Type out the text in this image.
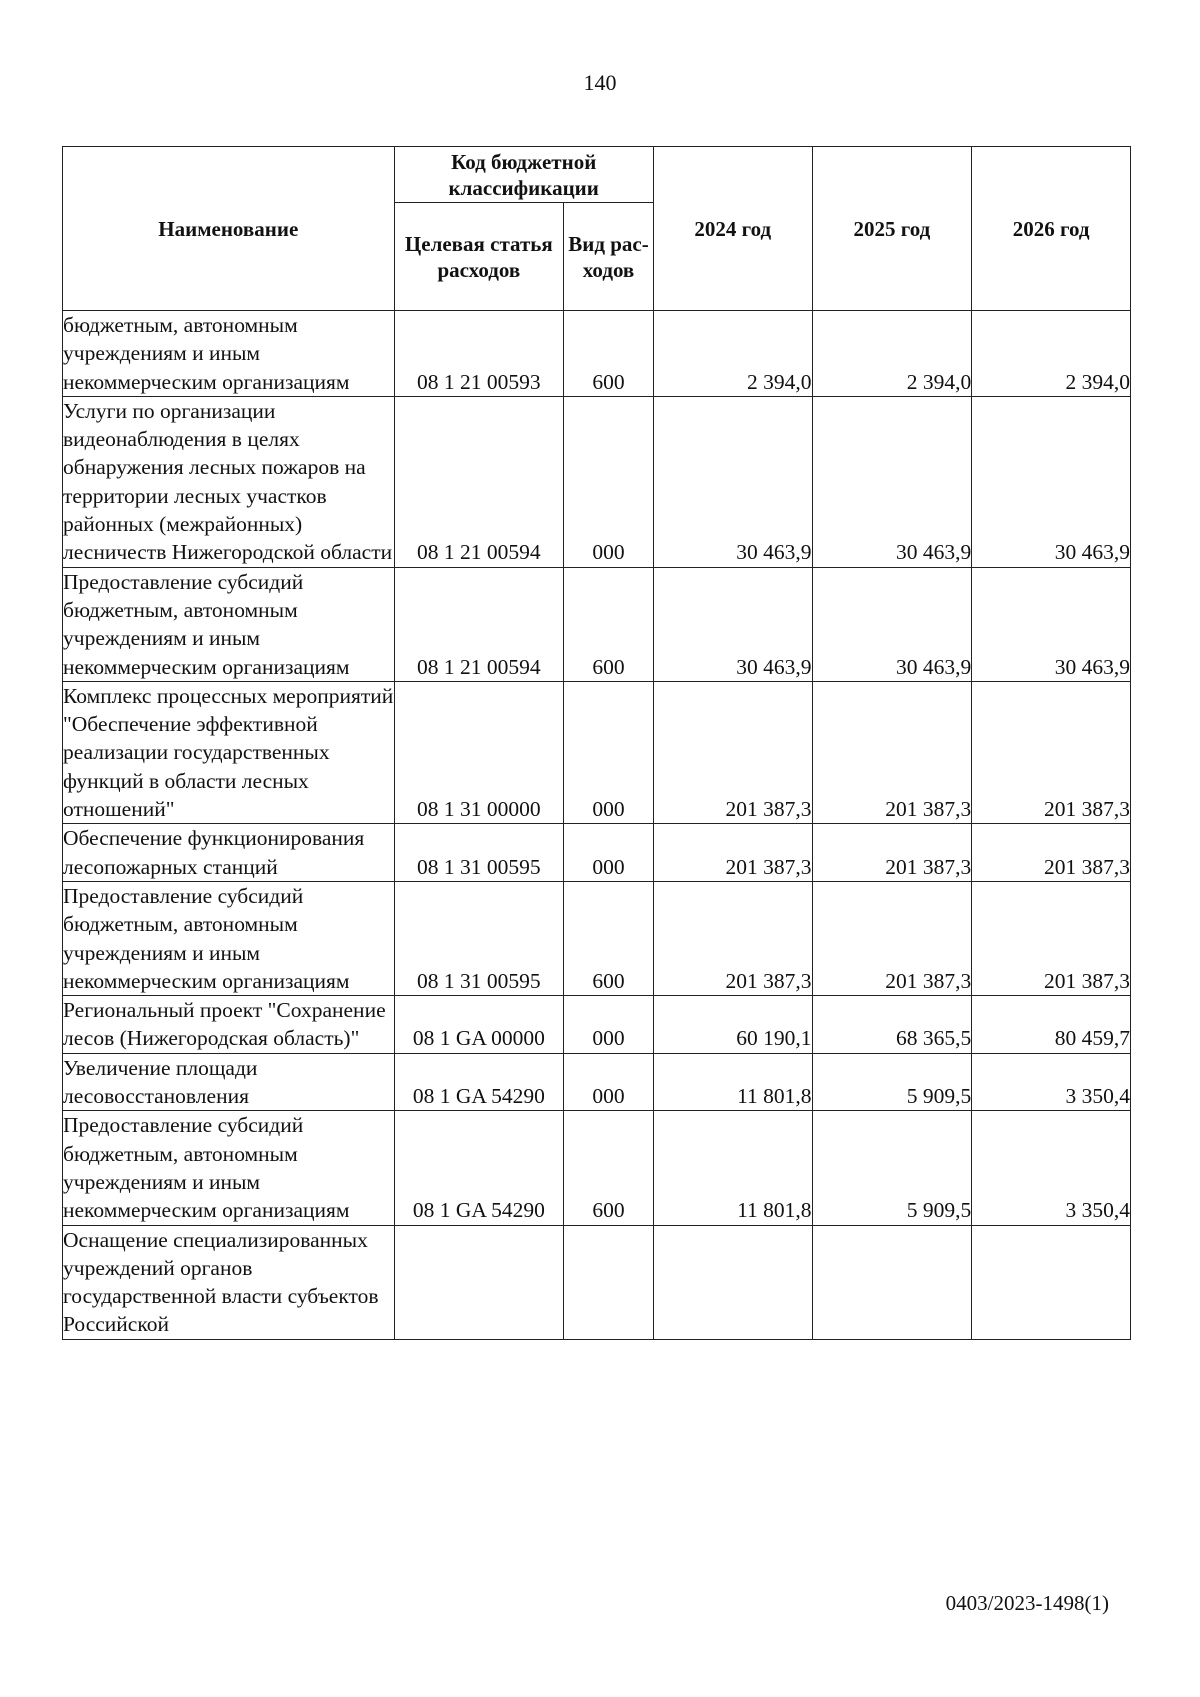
140
Наименование	Код бюджетной классификации		2024 год	2025 год	2026 год
	Целевая статья расходов	Вид рас-ходов			
бюджетным, автономным учреждениям и иным некоммерческим организациям	08 1 21 00593	600	2 394,0	2 394,0	2 394,0
Услуги по организации видеонаблюдения в целях обнаружения лесных пожаров на территории лесных участков районных (межрайонных) лесничеств Нижегородской области	08 1 21 00594	000	30 463,9	30 463,9	30 463,9
Предоставление субсидий бюджетным, автономным учреждениям и иным некоммерческим организациям	08 1 21 00594	600	30 463,9	30 463,9	30 463,9
Комплекс процессных мероприятий "Обеспечение эффективной реализации государственных функций в области лесных отношений"	08 1 31 00000	000	201 387,3	201 387,3	201 387,3
Обеспечение функционирования лесопожарных станций	08 1 31 00595	000	201 387,3	201 387,3	201 387,3
Предоставление субсидий бюджетным, автономным учреждениям и иным некоммерческим организациям	08 1 31 00595	600	201 387,3	201 387,3	201 387,3
Региональный проект "Сохранение лесов (Нижегородская область)"	08 1 GA 00000	000	60 190,1	68 365,5	80 459,7
Увеличение площади лесовосстановления	08 1 GA 54290	000	11 801,8	5 909,5	3 350,4
Предоставление субсидий бюджетным, автономным учреждениям и иным некоммерческим организациям	08 1 GA 54290	600	11 801,8	5 909,5	3 350,4
Оснащение специализированных учреждений органов государственной власти субъектов Российской					
0403/2023-1498(1)
